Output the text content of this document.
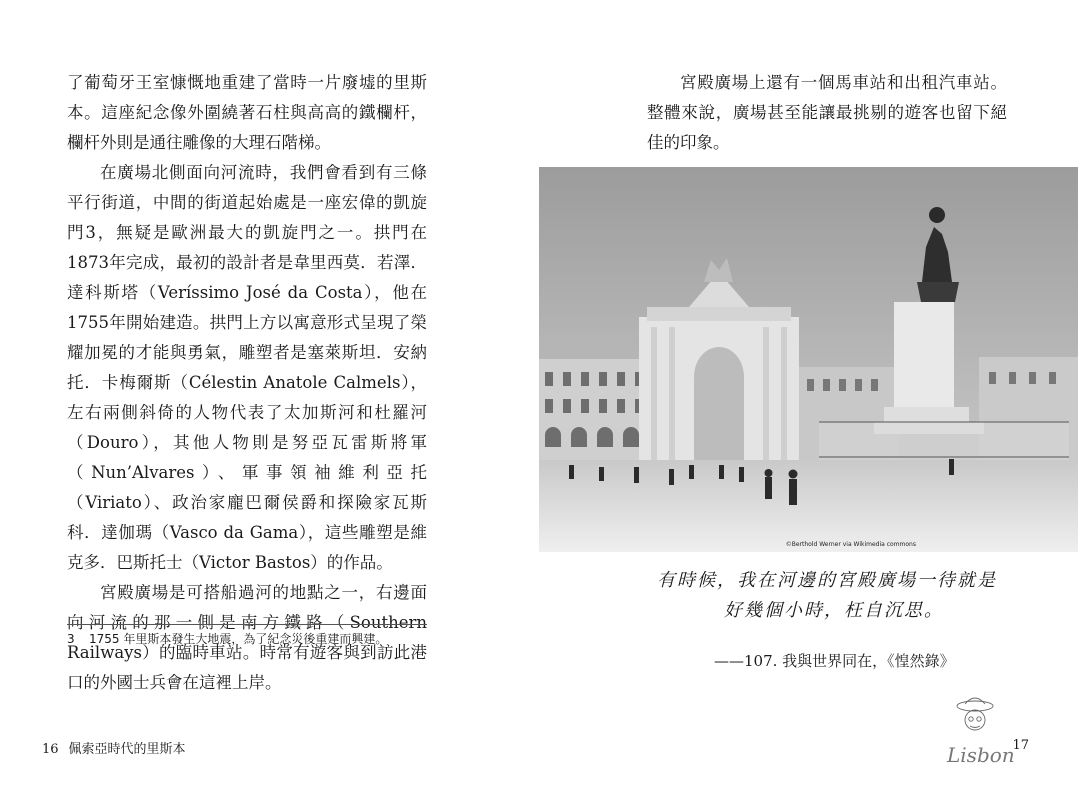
了葡萄牙王室慷慨地重建了當時一片廢墟的里斯本。這座紀念像外圍繞著石柱與高高的鐵欄杆，欄杆外則是通往雕像的大理石階梯。

在廣場北側面向河流時，我們會看到有三條平行街道，中間的街道起始處是一座宏偉的凱旋門3，無疑是歐洲最大的凱旋門之一。拱門在1873年完成，最初的設計者是韋里西莫．若澤．達科斯塔（Veríssimo José da Costa），他在1755年開始建造。拱門上方以寓意形式呈現了榮耀加冕的才能與勇氣，雕塑者是塞萊斯坦．安納托．卡梅爾斯（Célestin Anatole Calmels），左右兩側斜倚的人物代表了太加斯河和杜羅河（Douro），其他人物則是努亞瓦雷斯將軍（Nun’Alvares）、軍事領袖維利亞托（Viriato）、政治家龐巴爾侯爵和探險家瓦斯科．達伽瑪（Vasco da Gama），這些雕塑是維克多．巴斯托士（Victor Bastos）的作品。

宮殿廣場是可搭船過河的地點之一，右邊面向河流的那一側是南方鐵路（Southern Railways）的臨時車站。時常有遊客與到訪此港口的外國士兵會在這裡上岸。

3 1755 年里斯本發生大地震，為了紀念災後重建而興建。
16 佩索亞時代的里斯本

宮殿廣場上還有一個馬車站和出租汽車站。整體來說，廣場甚至能讓最挑剔的遊客也留下絕佳的印象。

©Berthold Werner via Wikimedia commons
有時候，我在河邊的宮殿廣場一待就是
好幾個小時，枉自沉思。
——107. 我與世界同在，《惶然錄》
Lisbon
17
